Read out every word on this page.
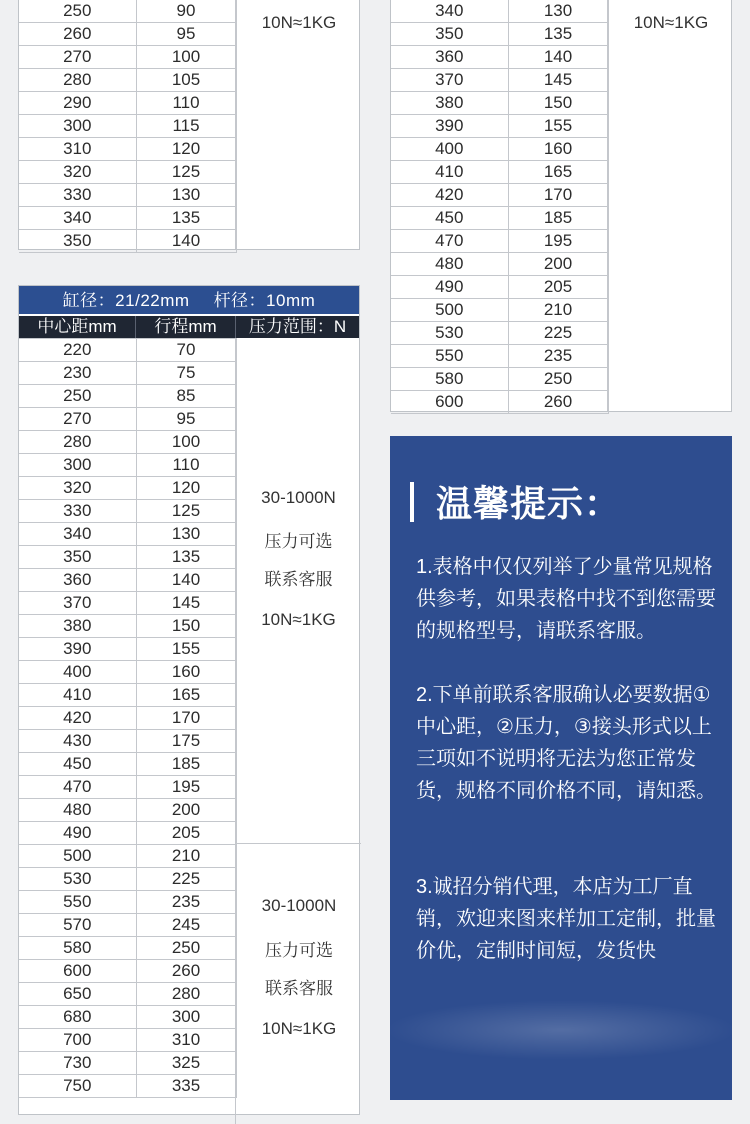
250	90
260	95
270	100
280	105
290	110
300	115
310	120
320	125
330	130
340	135
350	140
10N≈1KG
340	130
350	135
360	140
370	145
380	150
390	155
400	160
410	165
420	170
450	185
470	195
480	200
490	205
500	210
530	225
550	235
580	250
600	260
10N≈1KG
缸径：21/22mm 杆径：10mm
中心距mm	行程mm	压力范围：N
220	70
230	75
250	85
270	95
280	100
300	110
320	120
330	125
340	130
350	135
360	140
370	145
380	150
390	155
400	160
410	165
420	170
430	175
450	185
470	195
480	200
490	205
500	210
530	225
550	235
570	245
580	250
600	260
650	280
680	300
700	310
730	325
750	335
30-1000N
压力可选
联系客服
10N≈1KG
30-1000N
压力可选
联系客服
10N≈1KG
温馨提示：

1.表格中仅仅列举了少量常见规格供参考，如果表格中找不到您需要的规格型号，请联系客服。

2.下单前联系客服确认必要数据①中心距，②压力，③接头形式以上三项如不说明将无法为您正常发货，规格不同价格不同，请知悉。

3.诚招分销代理，本店为工厂直销，欢迎来图来样加工定制，批量价优，定制时间短，发货快
